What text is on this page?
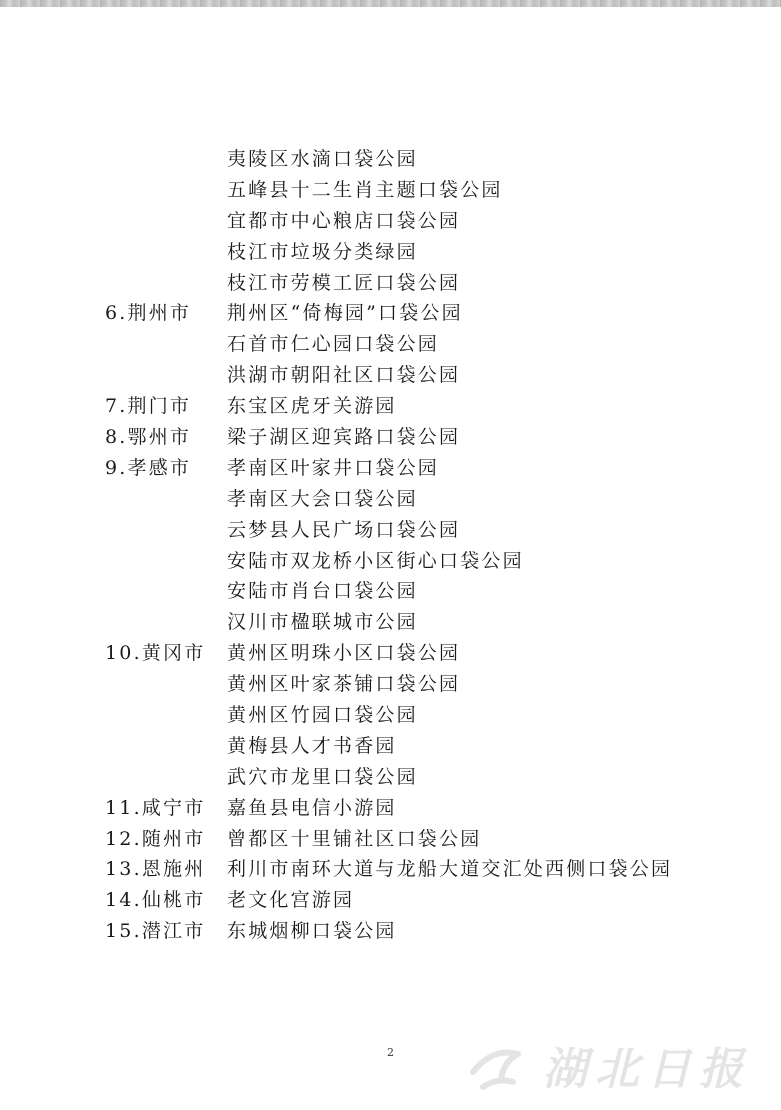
夷陵区水滴口袋公园
五峰县十二生肖主题口袋公园
宜都市中心粮店口袋公园
枝江市垃圾分类绿园
枝江市劳模工匠口袋公园
6.荆州市 荆州区“倚梅园”口袋公园
石首市仁心园口袋公园
洪湖市朝阳社区口袋公园
7.荆门市 东宝区虎牙关游园
8.鄂州市 梁子湖区迎宾路口袋公园
9.孝感市 孝南区叶家井口袋公园
孝南区大会口袋公园
云梦县人民广场口袋公园
安陆市双龙桥小区街心口袋公园
安陆市肖台口袋公园
汉川市楹联城市公园
10.黄冈市 黄州区明珠小区口袋公园
黄州区叶家茶铺口袋公园
黄州区竹园口袋公园
黄梅县人才书香园
武穴市龙里口袋公园
11.咸宁市 嘉鱼县电信小游园
12.随州市 曾都区十里铺社区口袋公园
13.恩施州 利川市南环大道与龙船大道交汇处西侧口袋公园
14.仙桃市 老文化宫游园
15.潜江市 东城烟柳口袋公园
2	湖北日报
